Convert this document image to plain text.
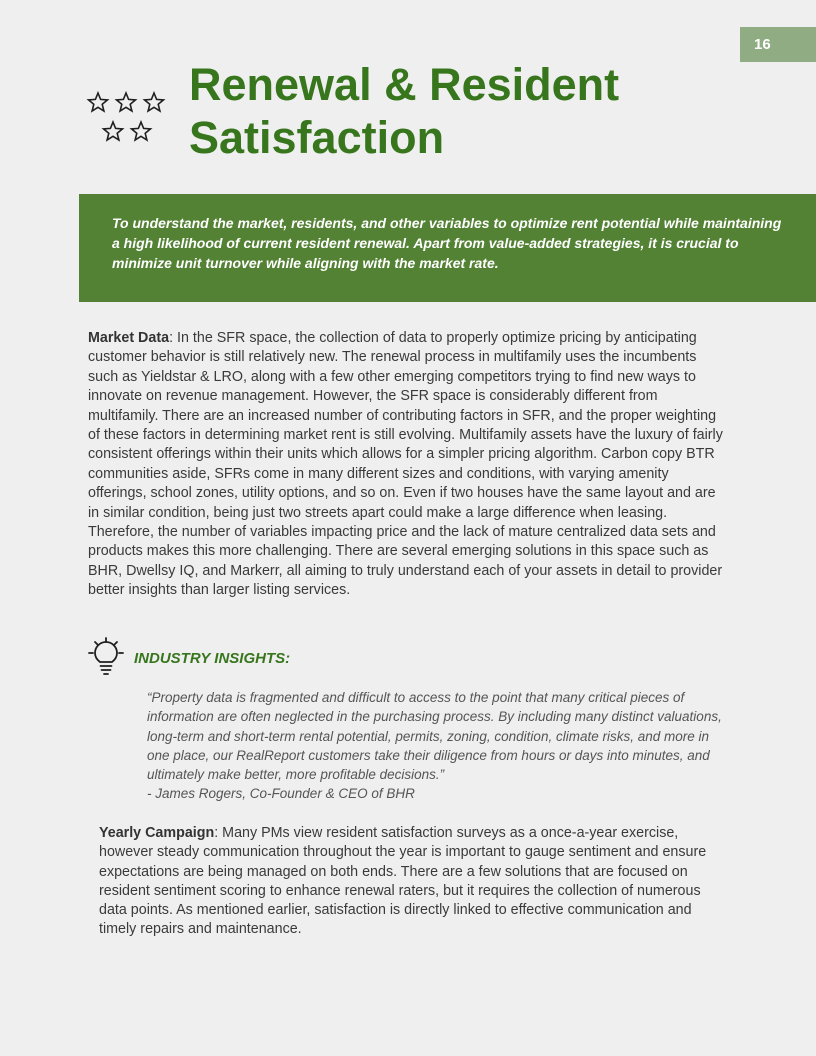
16
Renewal & Resident
Satisfaction
To understand the market, residents, and other variables to optimize rent potential while maintaining a high likelihood of current resident renewal. Apart from value-added strategies, it is crucial to minimize unit turnover while aligning with the market rate.

Market Data: In the SFR space, the collection of data to properly optimize pricing by anticipating customer behavior is still relatively new. The renewal process in multifamily uses the incumbents such as Yieldstar & LRO, along with a few other emerging competitors trying to find new ways to innovate on revenue management. However, the SFR space is considerably different from multifamily. There are an increased number of contributing factors in SFR, and the proper weighting of these factors in determining market rent is still evolving. Multifamily assets have the luxury of fairly consistent offerings within their units which allows for a simpler pricing algorithm. Carbon copy BTR communities aside, SFRs come in many different sizes and conditions, with varying amenity offerings, school zones, utility options, and so on. Even if two houses have the same layout and are in similar condition, being just two streets apart could make a large difference when leasing. Therefore, the number of variables impacting price and the lack of mature centralized data sets and products makes this more challenging. There are several emerging solutions in this space such as BHR, Dwellsy IQ, and Markerr, all aiming to truly understand each of your assets in detail to provider better insights than larger listing services.

INDUSTRY INSIGHTS:

“Property data is fragmented and difficult to access to the point that many critical pieces of information are often neglected in the purchasing process. By including many distinct valuations, long-term and short-term rental potential, permits, zoning, condition, climate risks, and more in one place, our RealReport customers take their diligence from hours or days into minutes, and ultimately make better, more profitable decisions.”
- James Rogers, Co-Founder & CEO of BHR

Yearly Campaign: Many PMs view resident satisfaction surveys as a once-a-year exercise, however steady communication throughout the year is important to gauge sentiment and ensure expectations are being managed on both ends. There are a few solutions that are focused on resident sentiment scoring to enhance renewal raters, but it requires the collection of numerous data points. As mentioned earlier, satisfaction is directly linked to effective communication and timely repairs and maintenance.
